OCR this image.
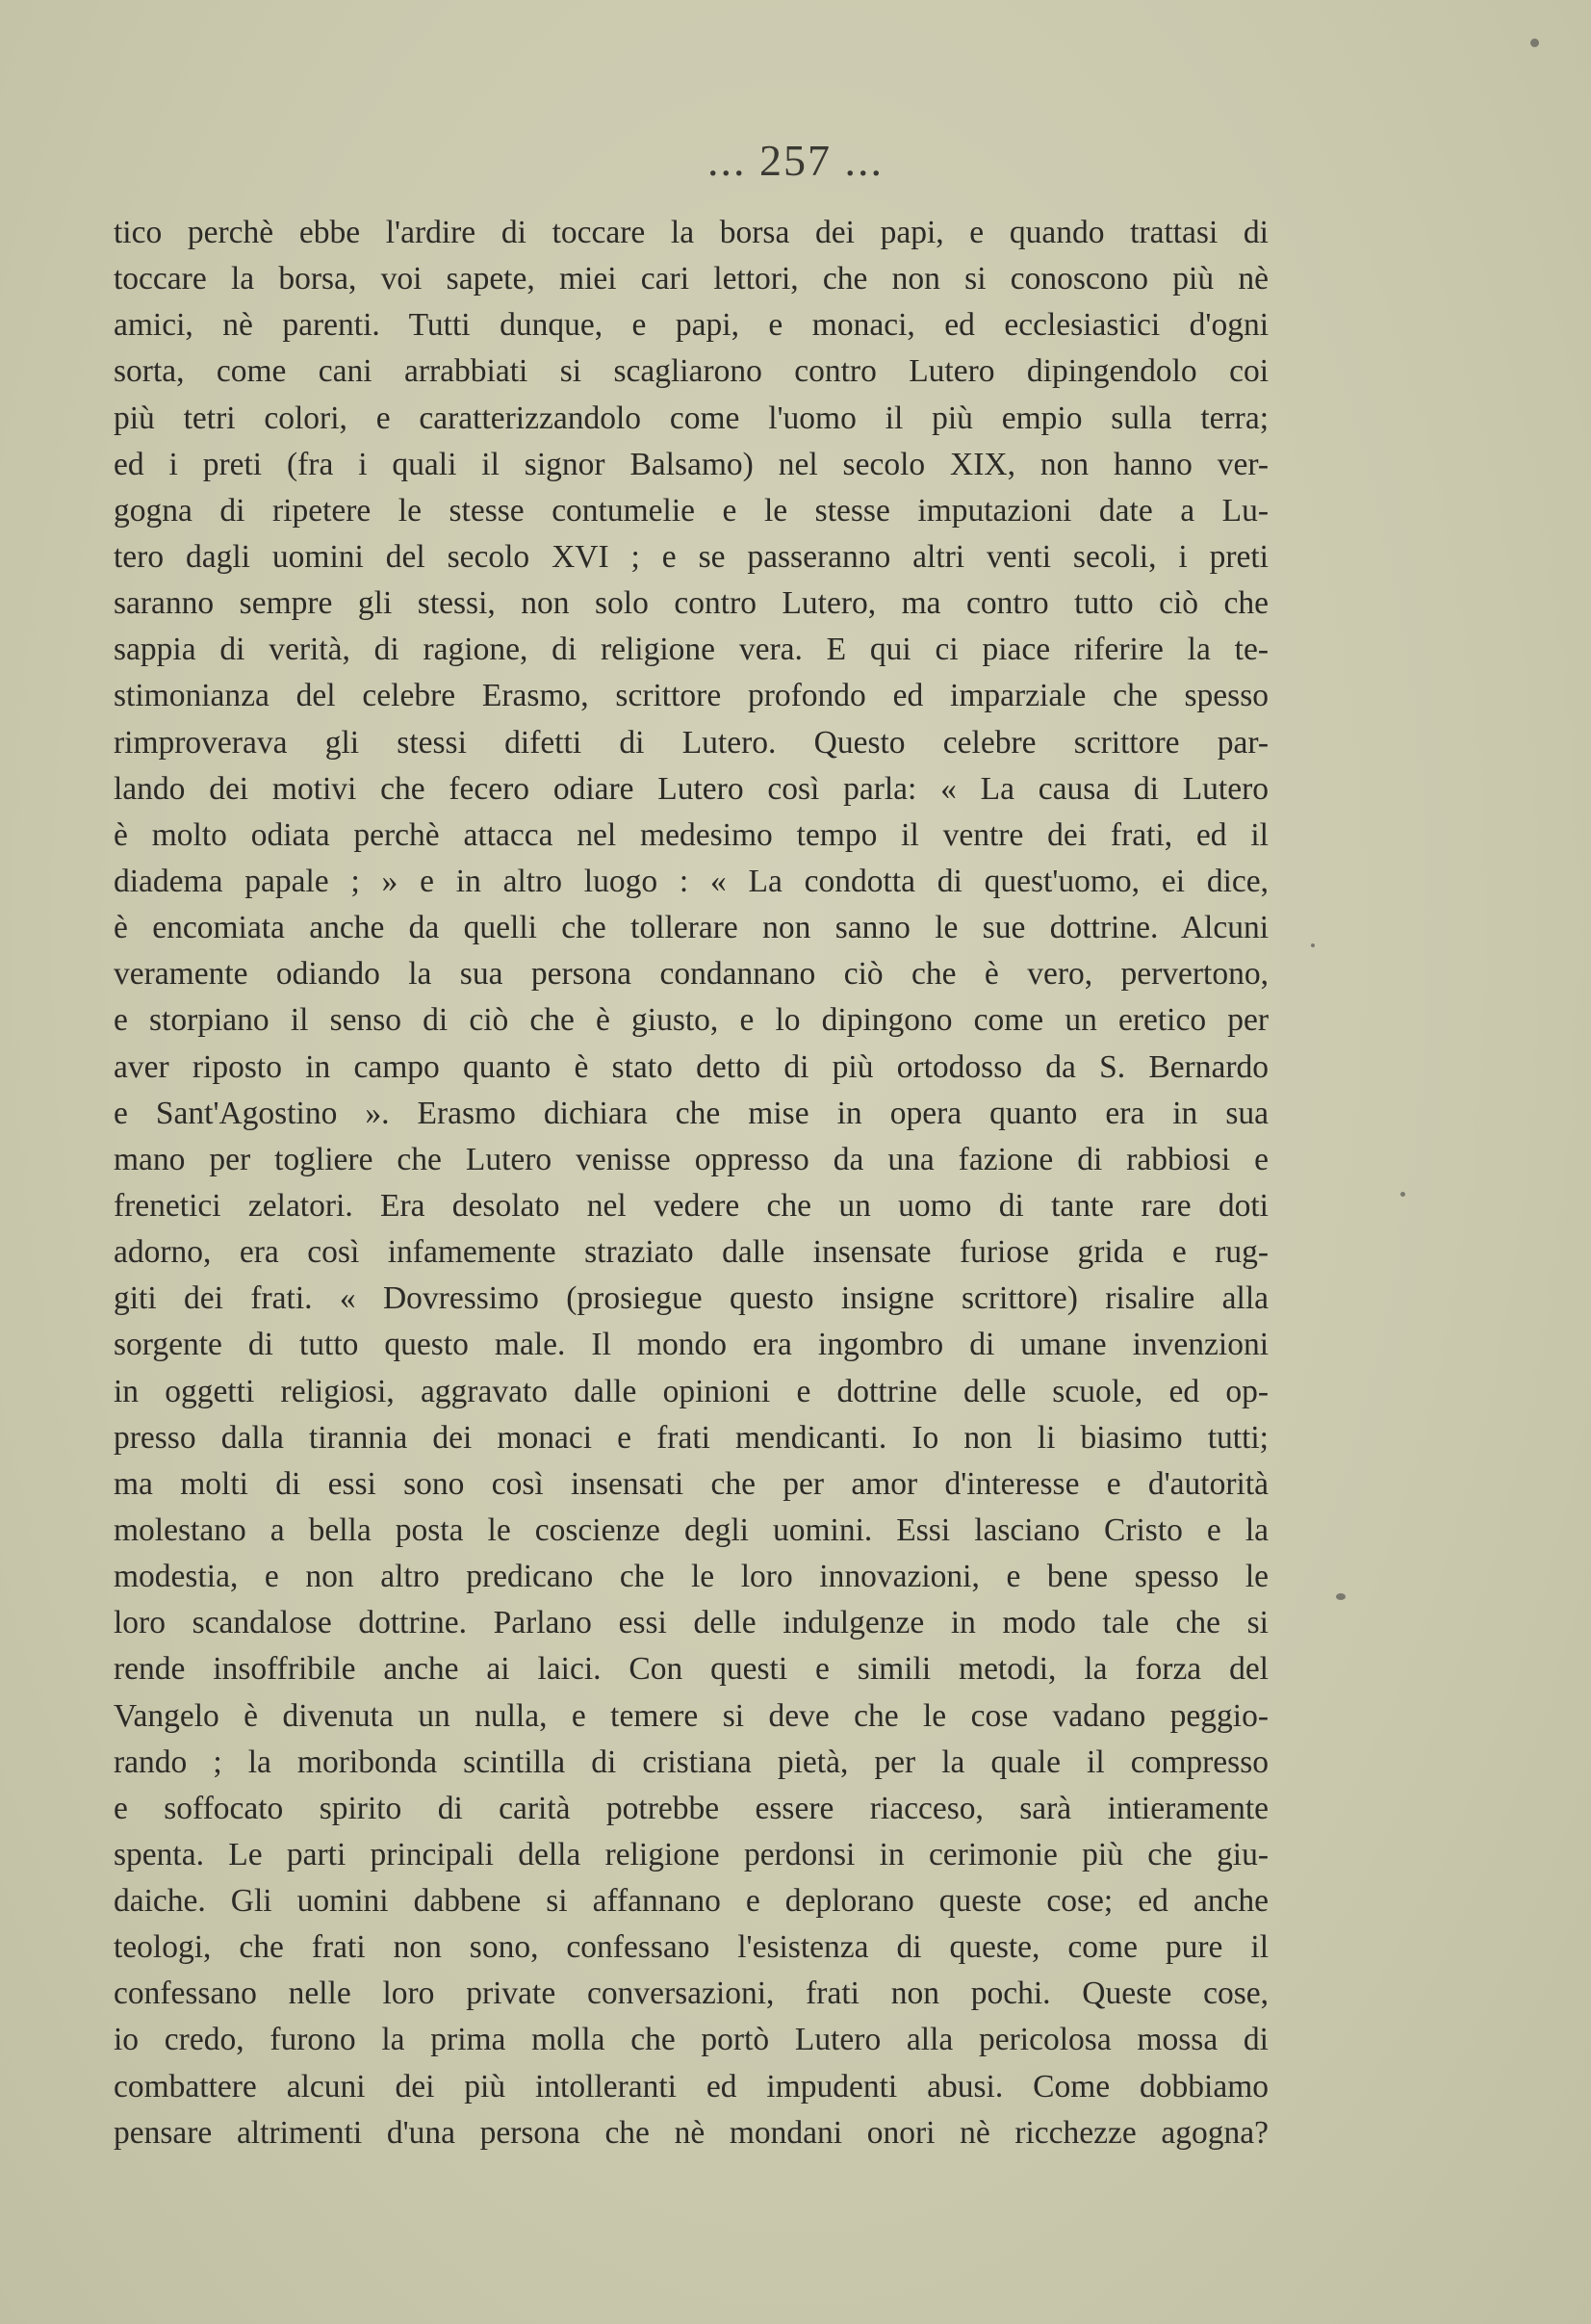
... 257 ...
tico perchè ebbe l'ardire di toccare la borsa dei papi, e quando trattasi di
toccare la borsa, voi sapete, miei cari lettori, che non si conoscono più nè
amici, nè parenti. Tutti dunque, e papi, e monaci, ed ecclesiastici d'ogni
sorta, come cani arrabbiati si scagliarono contro Lutero dipingendolo coi
più tetri colori, e caratterizzandolo come l'uomo il più empio sulla terra;
ed i preti (fra i quali il signor Balsamo) nel secolo XIX, non hanno ver-
gogna di ripetere le stesse contumelie e le stesse imputazioni date a Lu-
tero dagli uomini del secolo XVI ; e se passeranno altri venti secoli, i preti
saranno sempre gli stessi, non solo contro Lutero, ma contro tutto ciò che
sappia di verità, di ragione, di religione vera. E qui ci piace riferire la te-
stimonianza del celebre Erasmo, scrittore profondo ed imparziale che spesso
rimproverava gli stessi difetti di Lutero. Questo celebre scrittore par-
lando dei motivi che fecero odiare Lutero così parla: « La causa di Lutero
è molto odiata perchè attacca nel medesimo tempo il ventre dei frati, ed il
diadema papale ; » e in altro luogo : « La condotta di quest'uomo, ei dice,
è encomiata anche da quelli che tollerare non sanno le sue dottrine. Alcuni
veramente odiando la sua persona condannano ciò che è vero, pervertono,
e storpiano il senso di ciò che è giusto, e lo dipingono come un eretico per
aver riposto in campo quanto è stato detto di più ortodosso da S. Bernardo
e Sant'Agostino ». Erasmo dichiara che mise in opera quanto era in sua
mano per togliere che Lutero venisse oppresso da una fazione di rabbiosi e
frenetici zelatori. Era desolato nel vedere che un uomo di tante rare doti
adorno, era così infamemente straziato dalle insensate furiose grida e rug-
giti dei frati. « Dovressimo (prosiegue questo insigne scrittore) risalire alla
sorgente di tutto questo male. Il mondo era ingombro di umane invenzioni
in oggetti religiosi, aggravato dalle opinioni e dottrine delle scuole, ed op-
presso dalla tirannia dei monaci e frati mendicanti. Io non li biasimo tutti;
ma molti di essi sono così insensati che per amor d'interesse e d'autorità
molestano a bella posta le coscienze degli uomini. Essi lasciano Cristo e la
modestia, e non altro predicano che le loro innovazioni, e bene spesso le
loro scandalose dottrine. Parlano essi delle indulgenze in modo tale che si
rende insoffribile anche ai laici. Con questi e simili metodi, la forza del
Vangelo è divenuta un nulla, e temere si deve che le cose vadano peggio-
rando ; la moribonda scintilla di cristiana pietà, per la quale il compresso
e soffocato spirito di carità potrebbe essere riacceso, sarà intieramente
spenta. Le parti principali della religione perdonsi in cerimonie più che giu-
daiche. Gli uomini dabbene si affannano e deplorano queste cose; ed anche
teologi, che frati non sono, confessano l'esistenza di queste, come pure il
confessano nelle loro private conversazioni, frati non pochi. Queste cose,
io credo, furono la prima molla che portò Lutero alla pericolosa mossa di
combattere alcuni dei più intolleranti ed impudenti abusi. Come dobbiamo
pensare altrimenti d'una persona che nè mondani onori nè ricchezze agogna?
